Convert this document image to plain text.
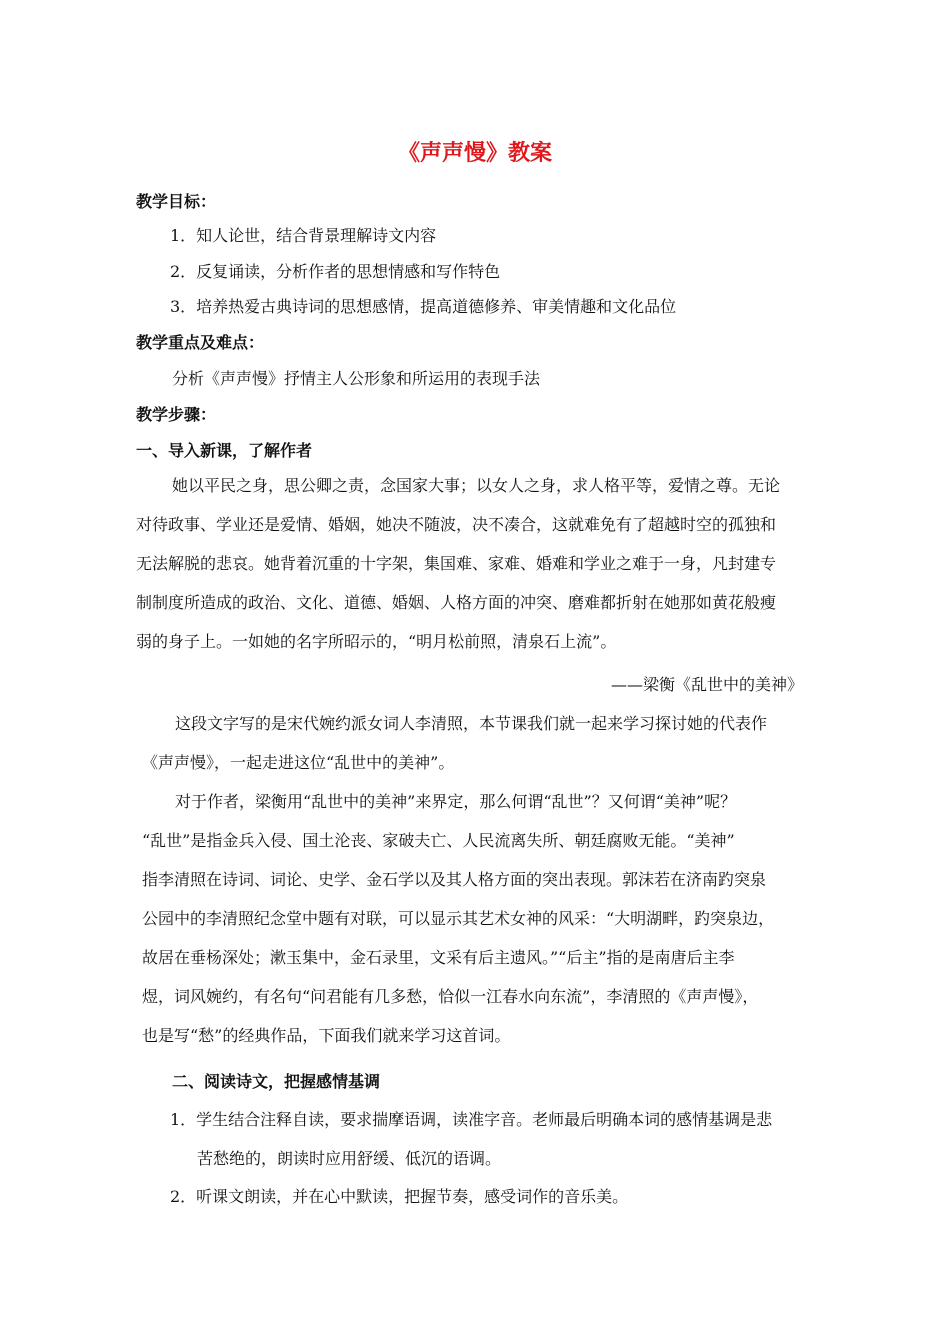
《声声慢》教案
教学目标：
1．知人论世，结合背景理解诗文内容
2．反复诵读，分析作者的思想情感和写作特色
3．培养热爱古典诗词的思想感情，提高道德修养、审美情趣和文化品位
教学重点及难点：
分析《声声慢》抒情主人公形象和所运用的表现手法
教学步骤：
一、导入新课，了解作者
她以平民之身，思公卿之责，念国家大事；以女人之身，求人格平等，爱情之尊。无论
对待政事、学业还是爱情、婚姻，她决不随波，决不凑合，这就难免有了超越时空的孤独和
无法解脱的悲哀。她背着沉重的十字架，集国难、家难、婚难和学业之难于一身，凡封建专
制制度所造成的政治、文化、道德、婚姻、人格方面的冲突、磨难都折射在她那如黄花般瘦
弱的身子上。一如她的名字所昭示的，“明月松前照，清泉石上流”。
——梁衡《乱世中的美神》
这段文字写的是宋代婉约派女词人李清照，本节课我们就一起来学习探讨她的代表作
《声声慢》，一起走进这位“乱世中的美神”。
对于作者，梁衡用“乱世中的美神”来界定，那么何谓“乱世”？又何谓“美神”呢？
“乱世”是指金兵入侵、国土沦丧、家破夫亡、人民流离失所、朝廷腐败无能。“美神”
指李清照在诗词、词论、史学、金石学以及其人格方面的突出表现。郭沫若在济南趵突泉
公园中的李清照纪念堂中题有对联，可以显示其艺术女神的风采：“大明湖畔，趵突泉边，
故居在垂杨深处；漱玉集中，金石录里，文采有后主遗风。”“后主”指的是南唐后主李
煜，词风婉约，有名句“问君能有几多愁，恰似一江春水向东流”，李清照的《声声慢》，
也是写“愁”的经典作品，下面我们就来学习这首词。
二、阅读诗文，把握感情基调
1．学生结合注释自读，要求揣摩语调，读准字音。老师最后明确本词的感情基调是悲
苦愁绝的，朗读时应用舒缓、低沉的语调。
2．听课文朗读，并在心中默读，把握节奏，感受词作的音乐美。
